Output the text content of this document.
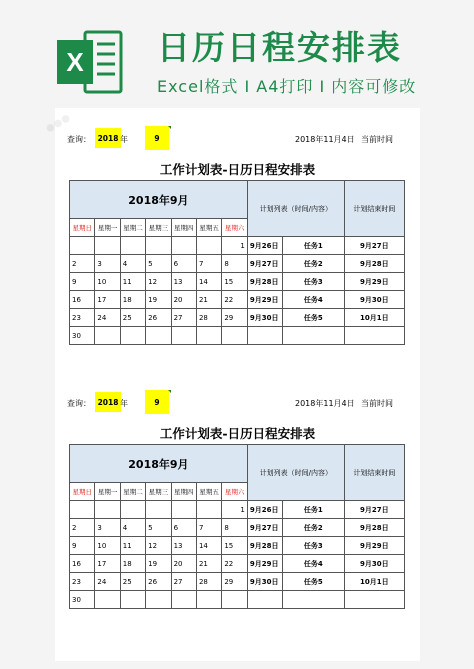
X 日历日程安排表
Excel格式 I A4打印 I 内容可修改
●●●
查询： 2018 年	9	2018年11月4日 当前时间
工作计划表-日历日程安排表
2018年9月							计划列表（时间/内容）		计划结束时间
星期日	星期一	星期二	星期三	星期四	星期五	星期六			
						1	9月26日	任务1	9月27日
2	3	4	5	6	7	8	9月27日	任务2	9月28日
9	10	11	12	13	14	15	9月28日	任务3	9月29日
16	17	18	19	20	21	22	9月29日	任务4	9月30日
23	24	25	26	27	28	29	9月30日	任务5	10月1日
30									
查询： 2018 年	9	2018年11月4日 当前时间
工作计划表-日历日程安排表
2018年9月							计划列表（时间/内容）		计划结束时间
星期日	星期一	星期二	星期三	星期四	星期五	星期六			
						1	9月26日	任务1	9月27日
2	3	4	5	6	7	8	9月27日	任务2	9月28日
9	10	11	12	13	14	15	9月28日	任务3	9月29日
16	17	18	19	20	21	22	9月29日	任务4	9月30日
23	24	25	26	27	28	29	9月30日	任务5	10月1日
30									
